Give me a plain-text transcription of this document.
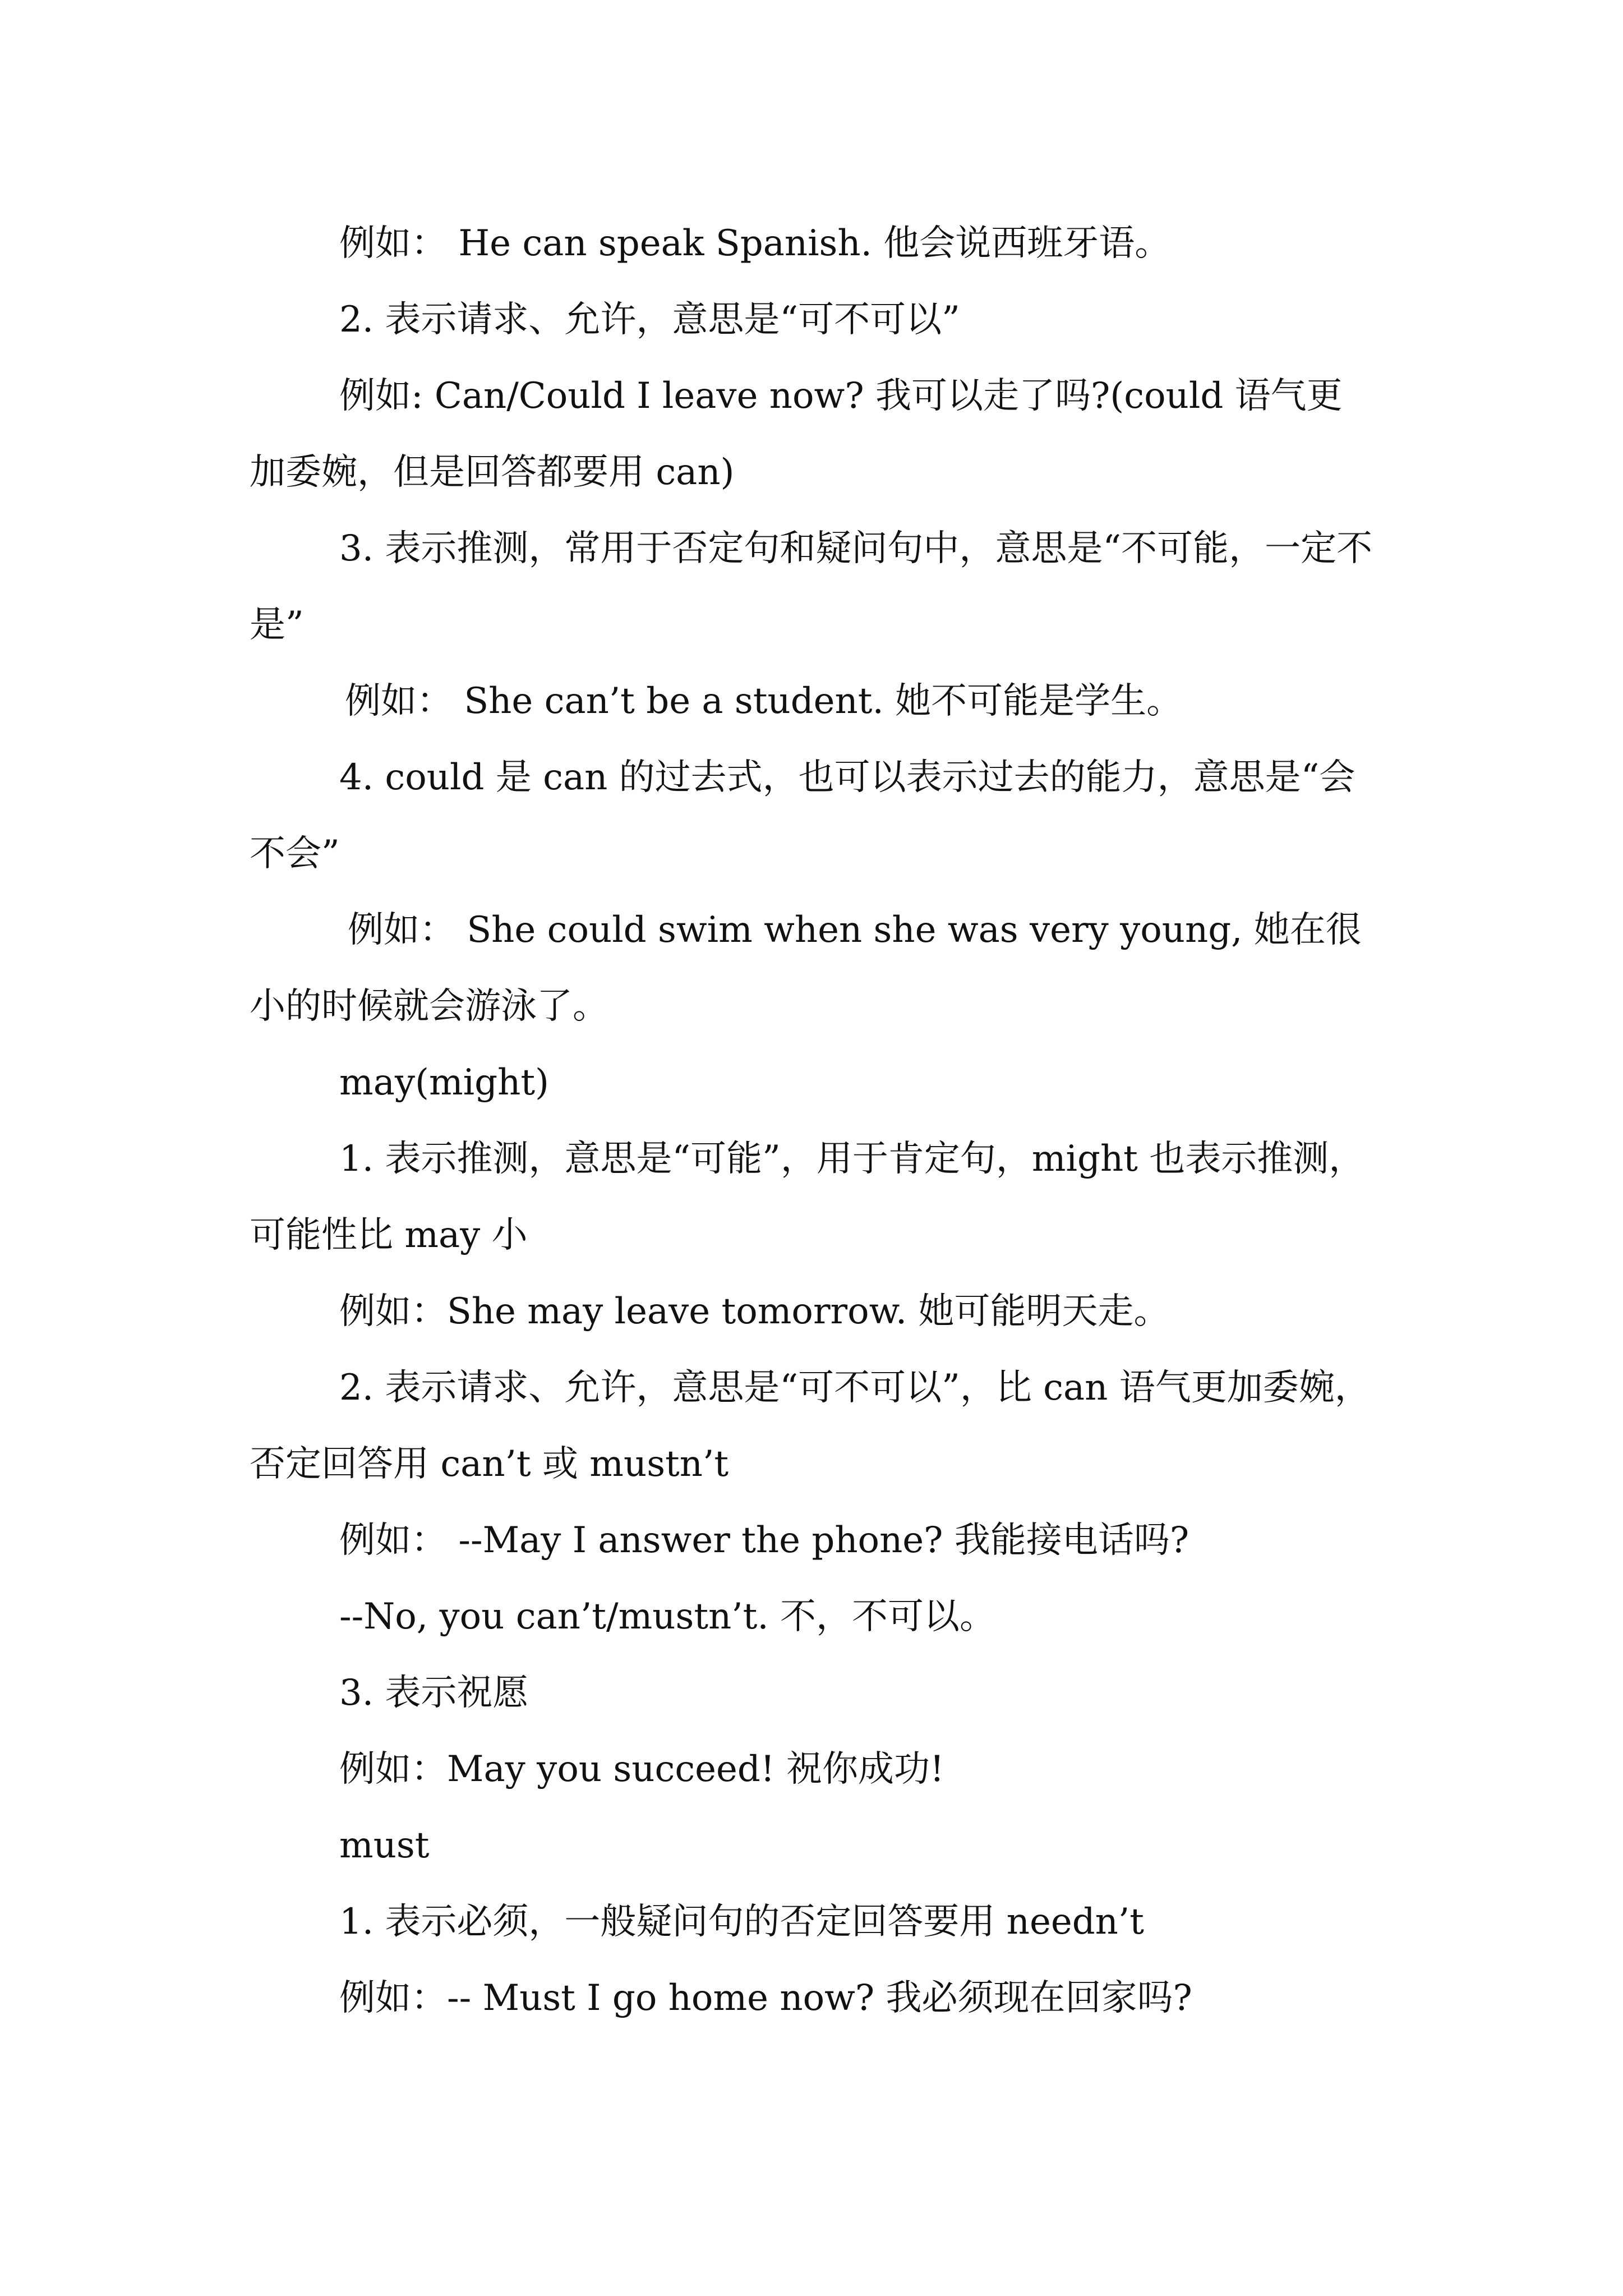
例如： He can speak Spanish. 他会说西班牙语。

2. 表示请求、允许，意思是“可不可以”

例如: Can/Could I leave now? 我可以走了吗?(could 语气更加委婉，但是回答都要用 can)

3. 表示推测，常用于否定句和疑问句中，意思是“不可能，一定不是”

例如： She can’t be a student. 她不可能是学生。

4. could 是 can 的过去式，也可以表示过去的能力，意思是“会不会”

例如： She could swim when she was very young, 她在很小的时候就会游泳了。

may(might)

1. 表示推测，意思是“可能”，用于肯定句，might 也表示推测，可能性比 may 小

例如：She may leave tomorrow. 她可能明天走。

2. 表示请求、允许，意思是“可不可以”，比 can 语气更加委婉，否定回答用 can’t 或 mustn’t

例如： --May I answer the phone? 我能接电话吗?

--No, you can’t/mustn’t. 不，不可以。

3. 表示祝愿

例如：May you succeed! 祝你成功!

must

1. 表示必须，一般疑问句的否定回答要用 needn’t

例如：-- Must I go home now? 我必须现在回家吗?
